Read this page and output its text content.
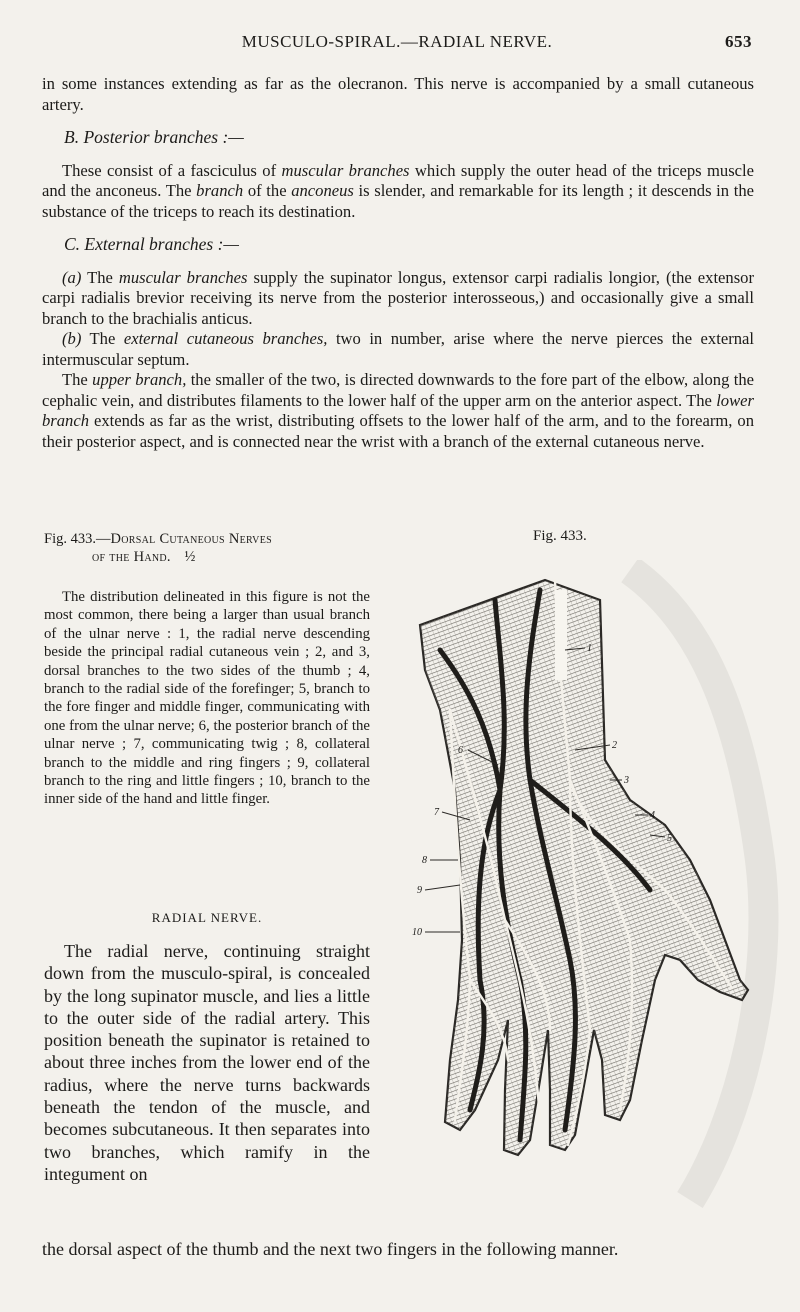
MUSCULO-SPIRAL.—RADIAL NERVE.	653

in some instances extending as far as the olecranon. This nerve is accompanied by a small cutaneous artery.

B. Posterior branches :—

These consist of a fasciculus of muscular branches which supply the outer head of the triceps muscle and the anconeus. The branch of the anconeus is slender, and remarkable for its length ; it descends in the substance of the triceps to reach its destination.

C. External branches :—

(a) The muscular branches supply the supinator longus, extensor carpi radialis longior, (the extensor carpi radialis brevior receiving its nerve from the posterior interosseous,) and occasionally give a small branch to the brachialis anticus.

(b) The external cutaneous branches, two in number, arise where the nerve pierces the external intermuscular septum.

The upper branch, the smaller of the two, is directed downwards to the fore part of the elbow, along the cephalic vein, and distributes filaments to the lower half of the upper arm on the anterior aspect. The lower branch extends as far as the wrist, distributing offsets to the lower half of the arm, and to the forearm, on their posterior aspect, and is connected near the wrist with a branch of the external cutaneous nerve.

Fig. 433.—Dorsal Cutaneous Nerves
of the Hand. ½
Fig. 433.

The distribution delineated in this figure is not the most common, there being a larger than usual branch of the ulnar nerve : 1, the radial nerve descending beside the principal radial cutaneous vein ; 2, and 3, dorsal branches to the two sides of the thumb ; 4, branch to the radial side of the forefinger; 5, branch to the fore finger and middle finger, communicating with one from the ulnar nerve; 6, the posterior branch of the ulnar nerve ; 7, communicating twig ; 8, collateral branch to the middle and ring fingers ; 9, collateral branch to the ring and little fingers ; 10, branch to the inner side of the hand and little finger.

RADIAL NERVE.

The radial nerve, continuing straight down from the musculo-spiral, is concealed by the long supinator muscle, and lies a little to the outer side of the radial artery. This position beneath the supinator is retained to about three inches from the lower end of the radius, where the nerve turns backwards beneath the tendon of the muscle, and becomes subcutaneous. It then separates into two branches, which ramify in the integument on

the dorsal aspect of the thumb and the next two fingers in the following manner.

1
2
3
4
5
6
7
8
9
10
